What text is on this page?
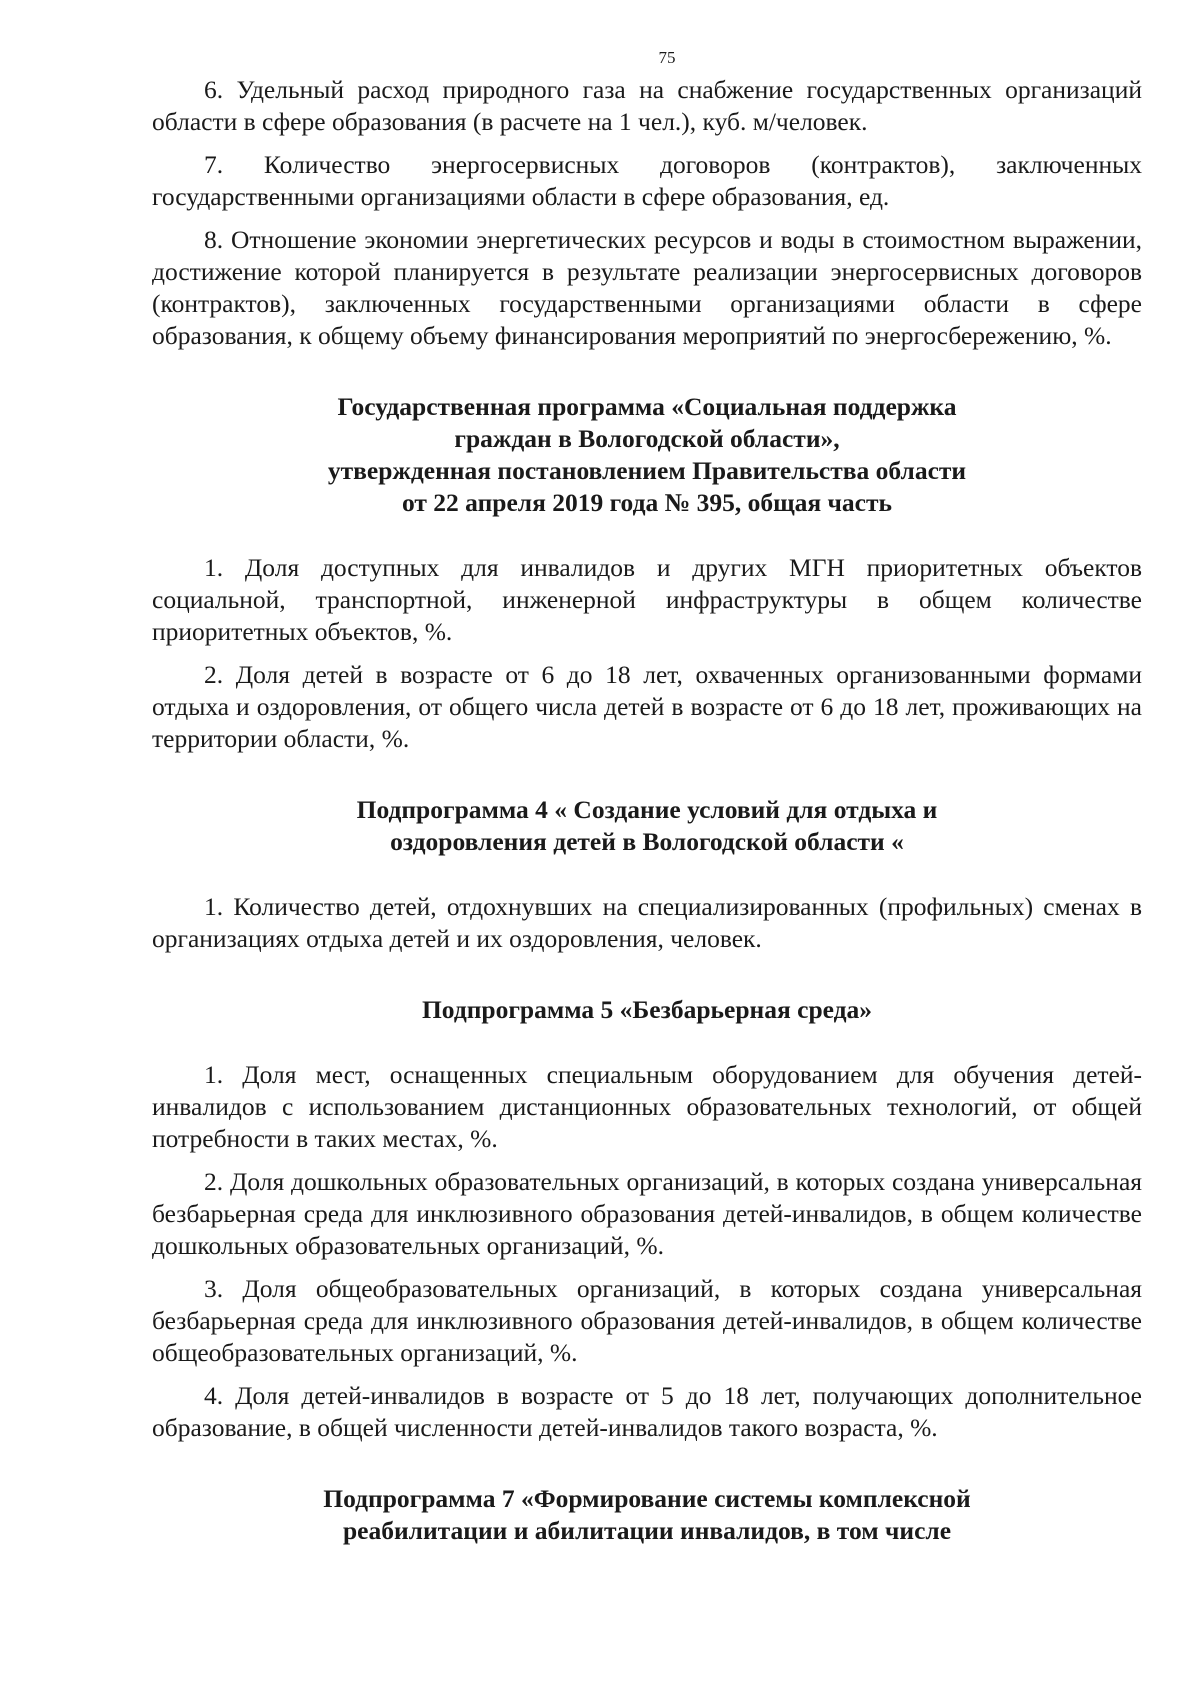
75

6. Удельный расход природного газа на снабжение государственных организаций области в сфере образования (в расчете на 1 чел.), куб. м/человек.

7. Количество энергосервисных договоров (контрактов), заключенных государственными организациями области в сфере образования, ед.

8. Отношение экономии энергетических ресурсов и воды в стоимостном выражении, достижение которой планируется в результате реализации энергосервисных договоров (контрактов), заключенных государственными организациями области в сфере образования, к общему объему финансирования мероприятий по энергосбережению, %.

Государственная программа «Социальная поддержка

граждан в Вологодской области»,

утвержденная постановлением Правительства области

от 22 апреля 2019 года № 395, общая часть

1. Доля доступных для инвалидов и других МГН приоритетных объектов социальной, транспортной, инженерной инфраструктуры в общем количестве приоритетных объектов, %.

2. Доля детей в возрасте от 6 до 18 лет, охваченных организованными формами отдыха и оздоровления, от общего числа детей в возрасте от 6 до 18 лет, проживающих на территории области, %.

Подпрограмма 4 « Создание условий для отдыха и

оздоровления детей в Вологодской области «

1. Количество детей, отдохнувших на специализированных (профильных) сменах в организациях отдыха детей и их оздоровления, человек.

Подпрограмма 5 «Безбарьерная среда»

1. Доля мест, оснащенных специальным оборудованием для обучения детей-инвалидов с использованием дистанционных образовательных технологий, от общей потребности в таких местах, %.

2. Доля дошкольных образовательных организаций, в которых создана универсальная безбарьерная среда для инклюзивного образования детей-инвалидов, в общем количестве дошкольных образовательных организаций, %.

3. Доля общеобразовательных организаций, в которых создана универсальная безбарьерная среда для инклюзивного образования детей-инвалидов, в общем количестве общеобразовательных организаций, %.

4. Доля детей-инвалидов в возрасте от 5 до 18 лет, получающих дополнительное образование, в общей численности детей-инвалидов такого возраста, %.

Подпрограмма 7 «Формирование системы комплексной

реабилитации и абилитации инвалидов, в том числе
